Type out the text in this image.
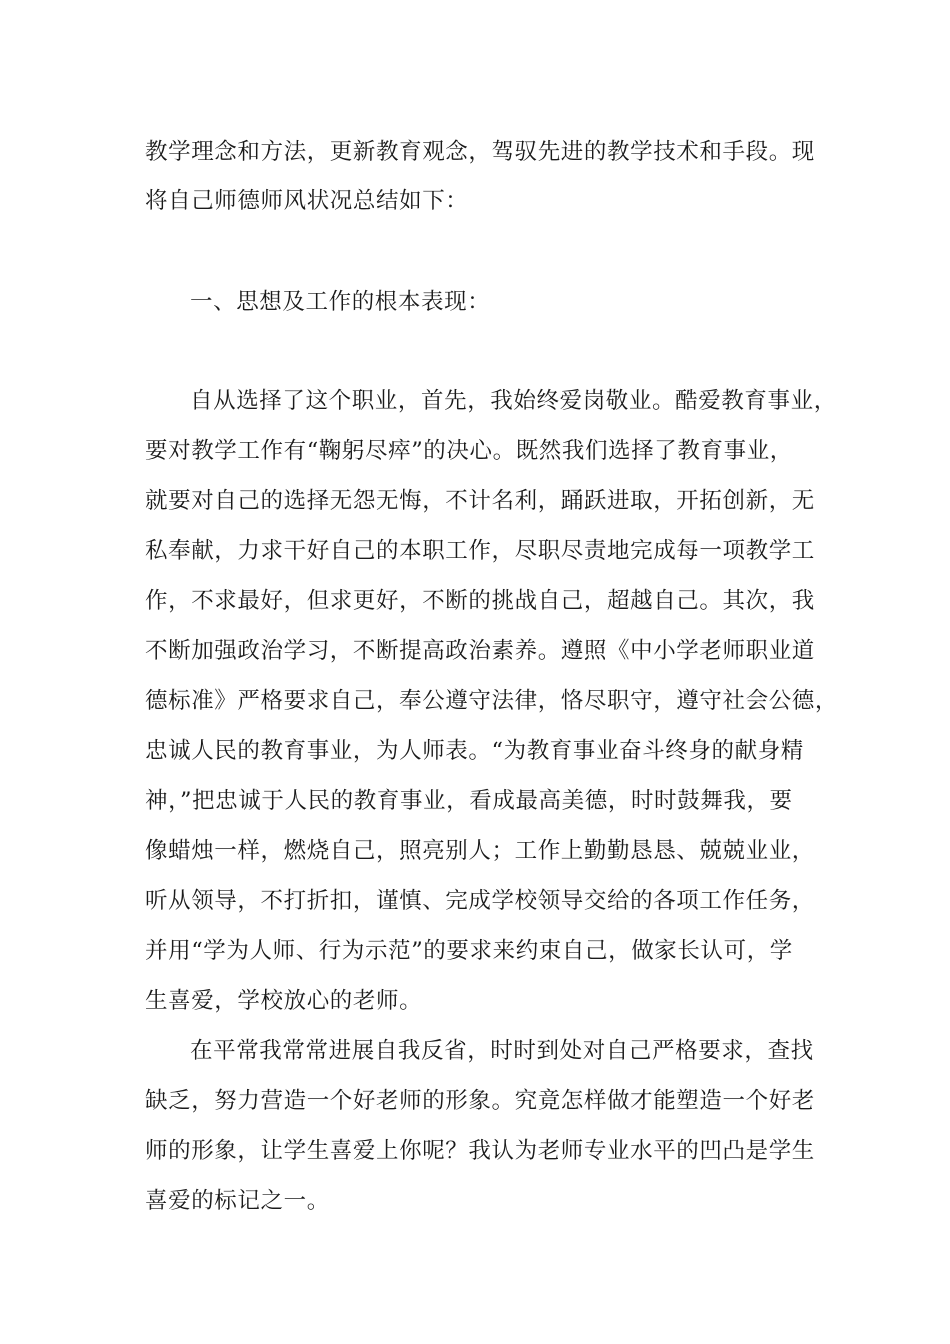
教学理念和方法，更新教育观念，驾驭先进的教学技术和手段。现
将自己师德师风状况总结如下：
一、思想及工作的根本表现：
自从选择了这个职业，首先，我始终爱岗敬业。酷爱教育事业，
要对教学工作有“鞠躬尽瘁”的决心。既然我们选择了教育事业，
就要对自己的选择无怨无悔，不计名利，踊跃进取，开拓创新，无
私奉献，力求干好自己的本职工作，尽职尽责地完成每一项教学工
作，不求最好，但求更好，不断的挑战自己，超越自己。其次，我
不断加强政治学习，不断提高政治素养。遵照《中小学老师职业道
德标准》严格要求自己，奉公遵守法律，恪尽职守，遵守社会公德，
忠诚人民的教育事业，为人师表。“为教育事业奋斗终身的献身精
神，”把忠诚于人民的教育事业，看成最高美德，时时鼓舞我，要
像蜡烛一样，燃烧自己，照亮别人；工作上勤勤恳恳、兢兢业业，
听从领导，不打折扣，谨慎、完成学校领导交给的各项工作任务，
并用“学为人师、行为示范”的要求来约束自己，做家长认可，学
生喜爱，学校放心的老师。
在平常我常常进展自我反省，时时到处对自己严格要求，查找
缺乏，努力营造一个好老师的形象。究竟怎样做才能塑造一个好老
师的形象，让学生喜爱上你呢？我认为老师专业水平的凹凸是学生
喜爱的标记之一。
